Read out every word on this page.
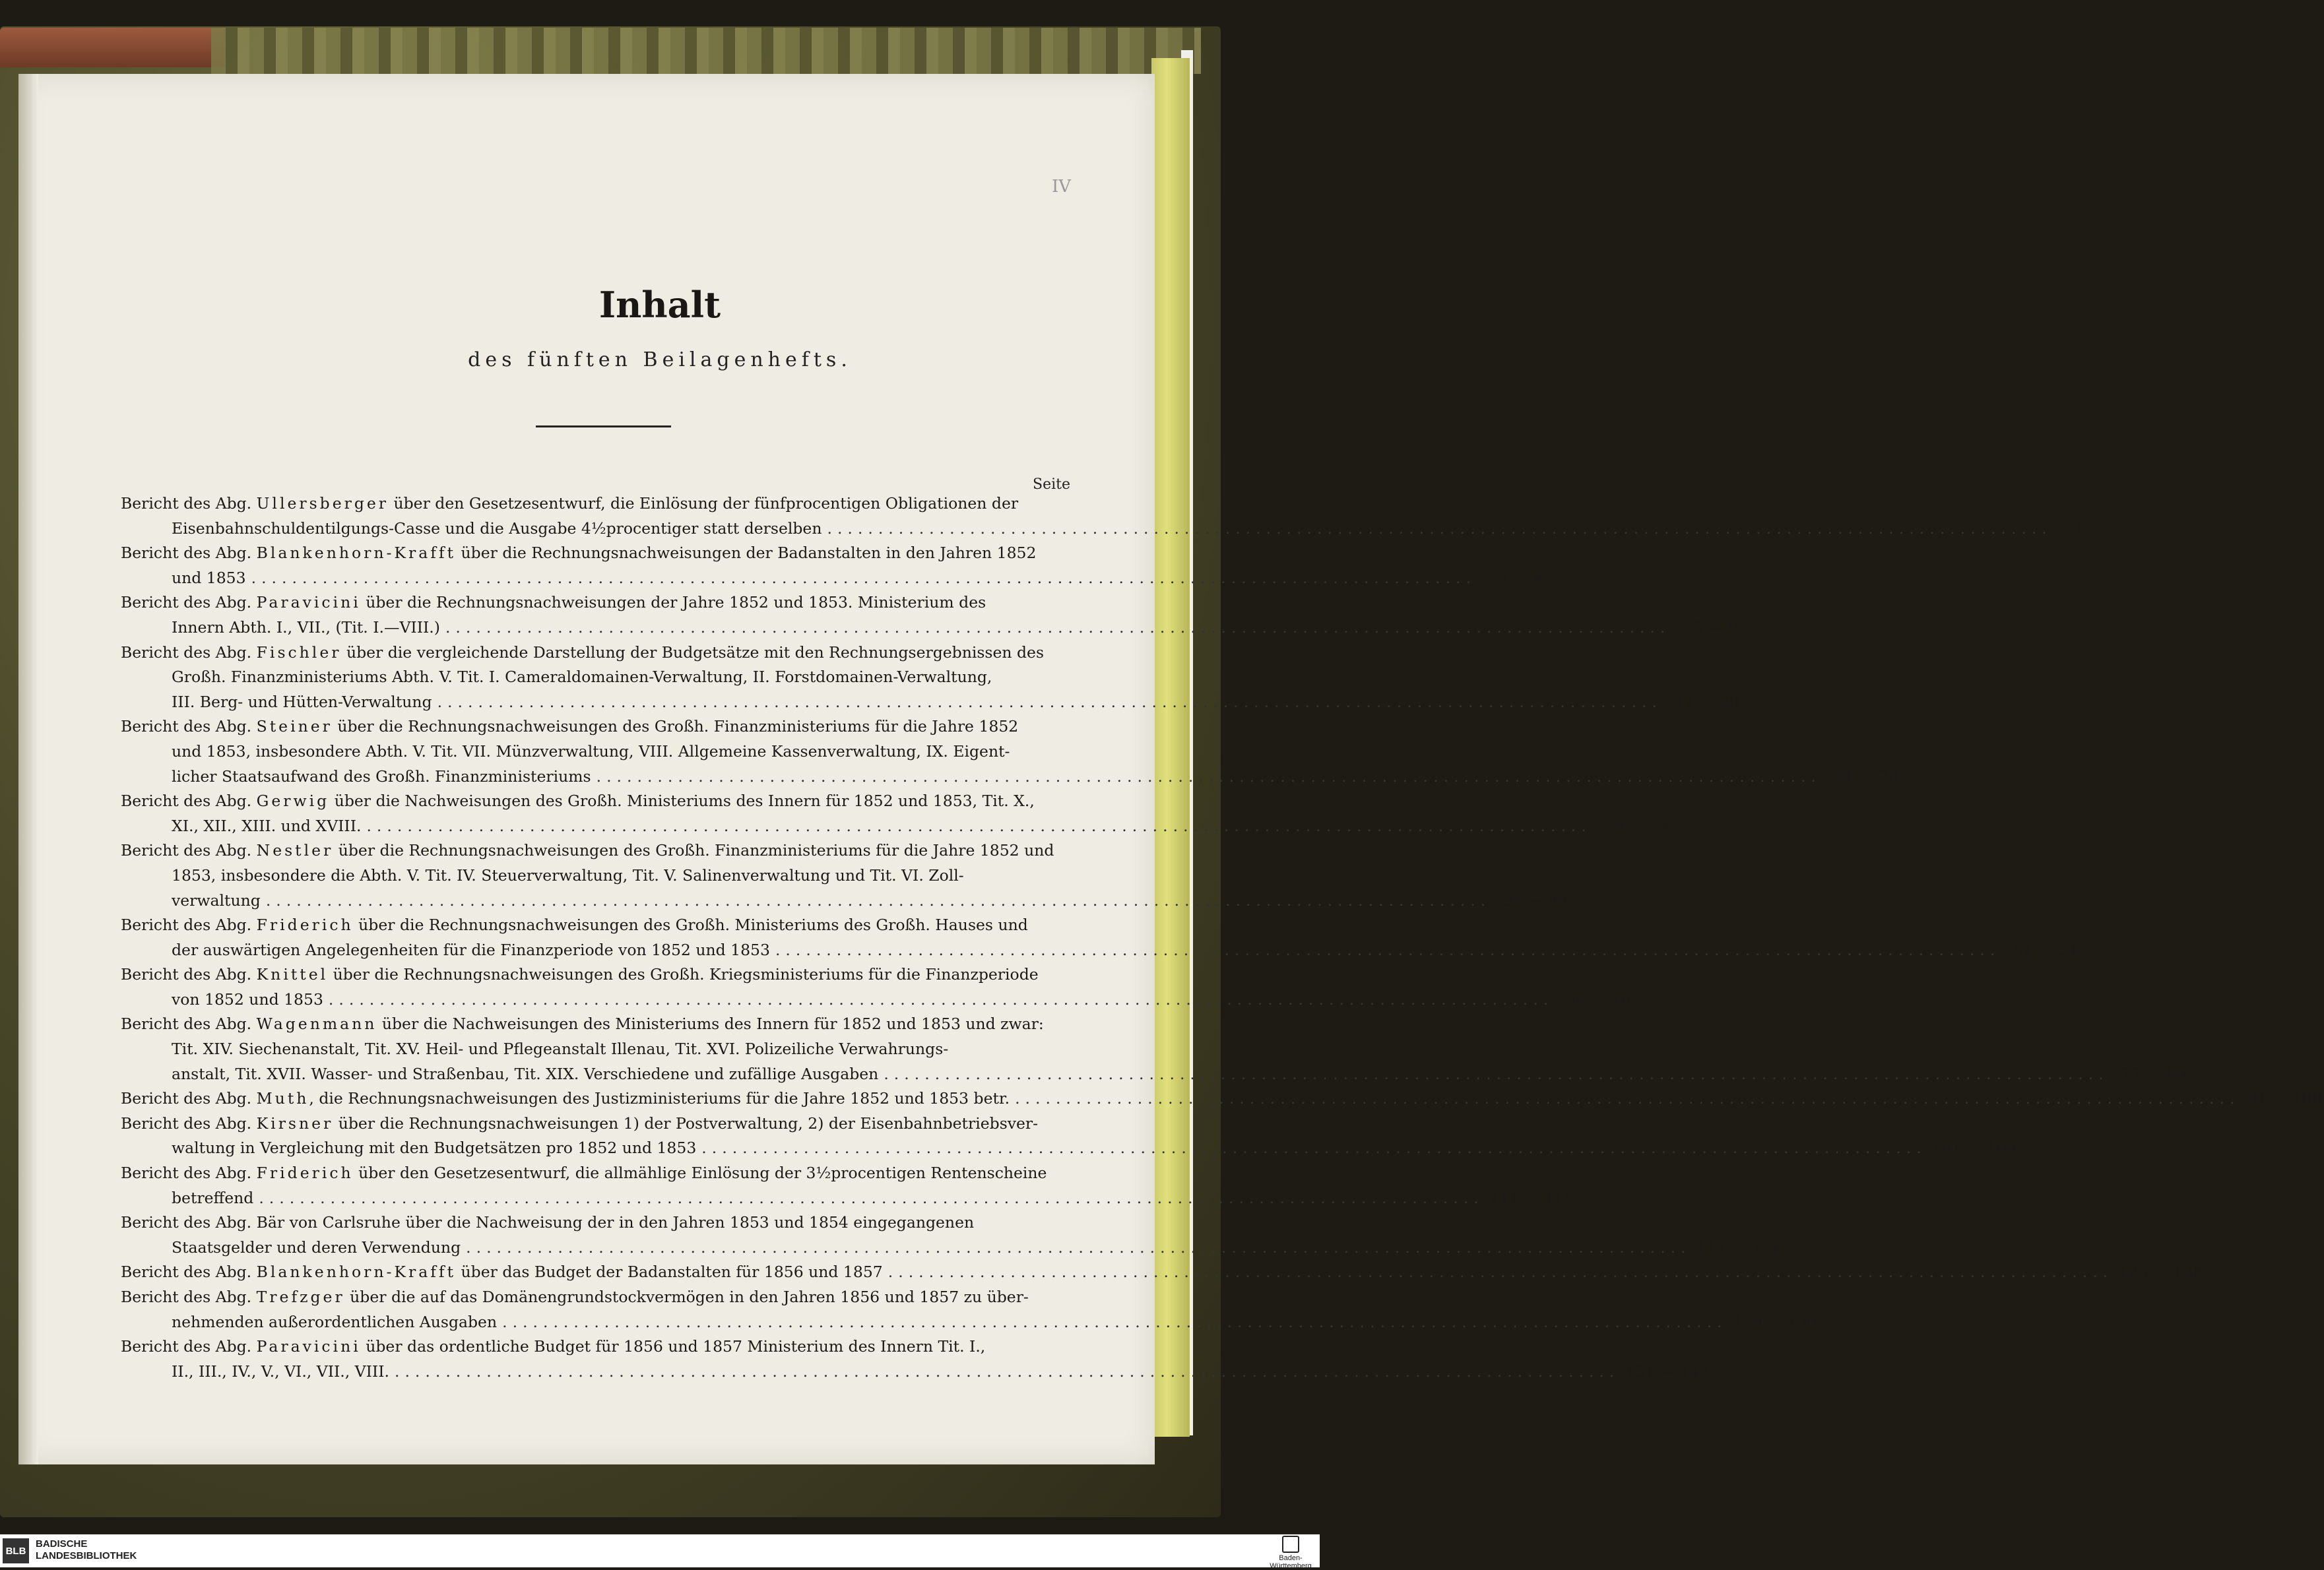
IV
Inhalt
des fünften Beilagenhefts.
Seite
Bericht des Abg. Ullersberger über den Gesetzesentwurf, die Einlösung der fünfprocentigen Obligationen der
Eisenbahnschuldentilgungs-Casse und die Ausgabe 4½procentiger statt derselben ........................................................................................................................	1 — 2
Bericht des Abg. Blankenhorn-Krafft über die Rechnungsnachweisungen der Badanstalten in den Jahren 1852
und 1853 ........................................................................................................................	3 — 4
Bericht des Abg. Paravicini über die Rechnungsnachweisungen der Jahre 1852 und 1853. Ministerium des
Innern Abth. I., VII., (Tit. I.—VIII.) ........................................................................................................................	5 — 9
Bericht des Abg. Fischler über die vergleichende Darstellung der Budgetsätze mit den Rechnungsergebnissen des
Großh. Finanzministeriums Abth. V. Tit. I. Cameraldomainen-Verwaltung, II. Forstdomainen-Verwaltung,
III. Berg- und Hütten-Verwaltung ........................................................................................................................ 11 — 20
Bericht des Abg. Steiner über die Rechnungsnachweisungen des Großh. Finanzministeriums für die Jahre 1852
und 1853, insbesondere Abth. V. Tit. VII. Münzverwaltung, VIII. Allgemeine Kassenverwaltung, IX. Eigent-
licher Staatsaufwand des Großh. Finanzministeriums ........................................................................................................................ 21 — 28
Bericht des Abg. Gerwig über die Nachweisungen des Großh. Ministeriums des Innern für 1852 und 1853, Tit. X.,
XI., XII., XIII. und XVIII. ........................................................................................................................ 29 — 33
Bericht des Abg. Nestler über die Rechnungsnachweisungen des Großh. Finanzministeriums für die Jahre 1852 und
1853, insbesondere die Abth. V. Tit. IV. Steuerverwaltung, Tit. V. Salinenverwaltung und Tit. VI. Zoll-
verwaltung ........................................................................................................................ 35 — 49
Bericht des Abg. Friderich über die Rechnungsnachweisungen des Großh. Ministeriums des Großh. Hauses und
der auswärtigen Angelegenheiten für die Finanzperiode von 1852 und 1853 ........................................................................................................................ 51 — 54
Bericht des Abg. Knittel über die Rechnungsnachweisungen des Großh. Kriegsministeriums für die Finanzperiode
von 1852 und 1853 ........................................................................................................................ 55 — 76
Bericht des Abg. Wagenmann über die Nachweisungen des Ministeriums des Innern für 1852 und 1853 und zwar:
Tit. XIV. Siechenanstalt, Tit. XV. Heil- und Pflegeanstalt Illenau, Tit. XVI. Polizeiliche Verwahrungs-
anstalt, Tit. XVII. Wasser- und Straßenbau, Tit. XIX. Verschiedene und zufällige Ausgaben ........................................................................................................................ 77 — 89
Bericht des Abg. Muth, die Rechnungsnachweisungen des Justizministeriums für die Jahre 1852 und 1853 betr. ........................................................................................................................ 91 — 100
Bericht des Abg. Kirsner über die Rechnungsnachweisungen 1) der Postverwaltung, 2) der Eisenbahnbetriebsver-
waltung in Vergleichung mit den Budgetsätzen pro 1852 und 1853 ........................................................................................................................ 101 — 109
Bericht des Abg. Friderich über den Gesetzesentwurf, die allmählige Einlösung der 3½procentigen Rentenscheine
betreffend ........................................................................................................................ 111 — 115
Bericht des Abg. Bär von Carlsruhe über die Nachweisung der in den Jahren 1853 und 1854 eingegangenen
Staatsgelder und deren Verwendung ........................................................................................................................ 117 — 124
Bericht des Abg. Blankenhorn-Krafft über das Budget der Badanstalten für 1856 und 1857 ........................................................................................................................ 125 — 128
Bericht des Abg. Trefzger über die auf das Domänengrundstockvermögen in den Jahren 1856 und 1857 zu über-
nehmenden außerordentlichen Ausgaben ........................................................................................................................ 129 — 130
Bericht des Abg. Paravicini über das ordentliche Budget für 1856 und 1857 Ministerium des Innern Tit. I.,
II., III., IV., V., VI., VII., VIII. ........................................................................................................................ 131 — 142
BLB
BADISCHE
LANDESBIBLIOTHEK	Baden-Württemberg
